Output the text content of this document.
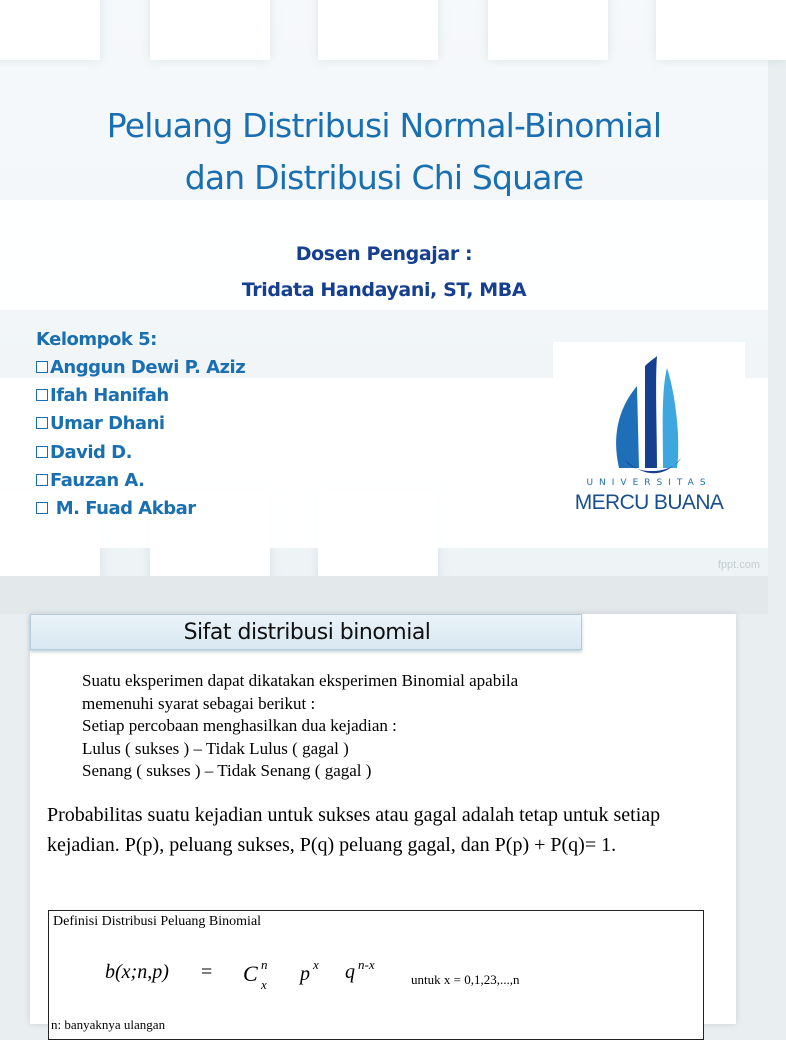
Peluang Distribusi Normal-Binomial
dan Distribusi Chi Square
Dosen Pengajar :
Tridata Handayani, ST, MBA
Kelompok 5:
Anggun Dewi P. Aziz
Ifah Hanifah
Umar Dhani
David D.
Fauzan A.
M. Fuad Akbar
UNIVERSITAS
MERCU BUANA
fppt.com
Sifat distribusi binomial

Suatu eksperimen dapat dikatakan eksperimen Binomial apabila

memenuhi syarat sebagai berikut :

Setiap percobaan menghasilkan dua kejadian :

Lulus ( sukses ) – Tidak Lulus ( gagal )

Senang ( sukses ) – Tidak Senang ( gagal )

Probabilitas suatu kejadian untuk sukses atau gagal adalah tetap untuk setiap kejadian. P(p), peluang sukses, P(q) peluang gagal, dan P(p) + P(q)= 1.
Definisi Distribusi Peluang Binomial
b(x;n,p) = C n
x p x q n-x
untuk x = 0,1,23,...,n
n: banyaknya ulangan
